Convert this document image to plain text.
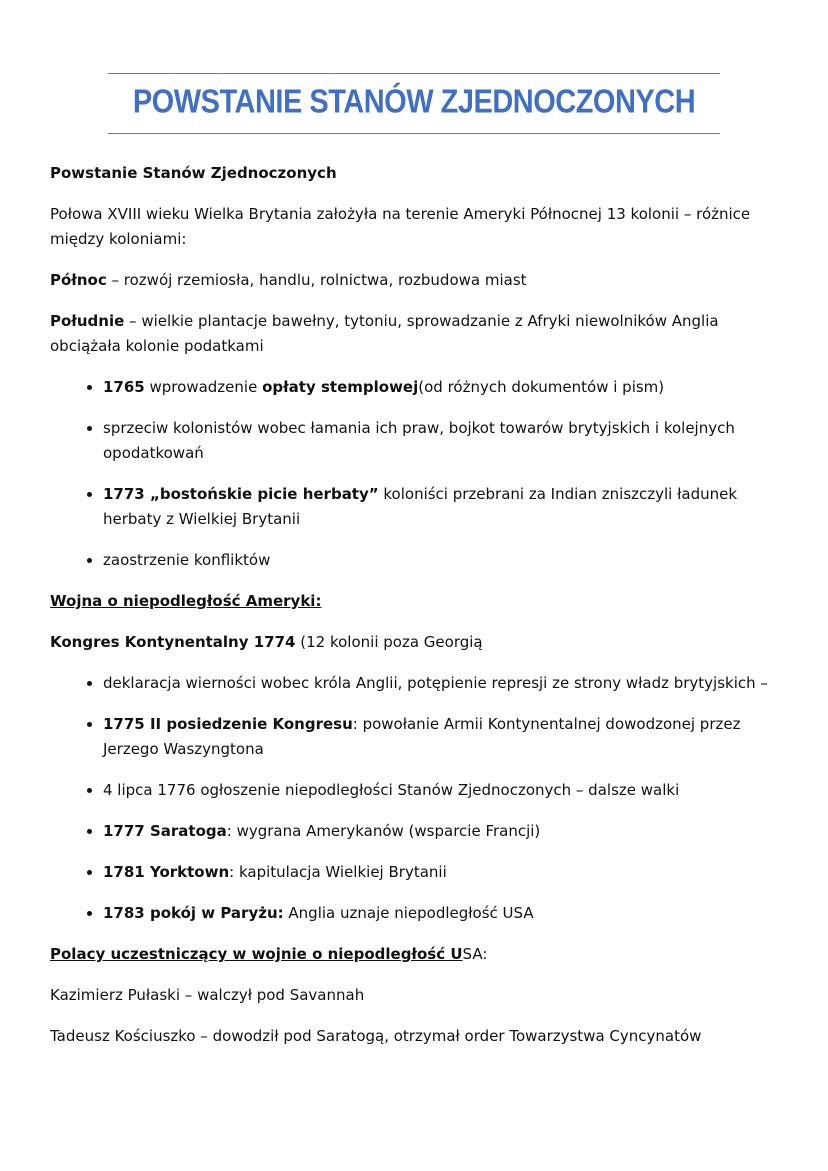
POWSTANIE STANÓW ZJEDNOCZONYCH

Powstanie Stanów Zjednoczonych

Połowa XVIII wieku Wielka Brytania założyła na terenie Ameryki Północnej 13 kolonii – różnice między koloniami:

Północ – rozwój rzemiosła, handlu, rolnictwa, rozbudowa miast

Południe – wielkie plantacje bawełny, tytoniu, sprowadzanie z Afryki niewolników Anglia obciążała kolonie podatkami

• 1765 wprowadzenie opłaty stemplowej(od różnych dokumentów i pism)
• sprzeciw kolonistów wobec łamania ich praw, bojkot towarów brytyjskich i kolejnych opodatkowań
• 1773 „bostońskie picie herbaty” koloniści przebrani za Indian zniszczyli ładunek herbaty z Wielkiej Brytanii
• zaostrzenie konfliktów

Wojna o niepodległość Ameryki:

Kongres Kontynentalny 1774 (12 kolonii poza Georgią

• deklaracja wierności wobec króla Anglii, potępienie represji ze strony władz brytyjskich –
• 1775 II posiedzenie Kongresu: powołanie Armii Kontynentalnej dowodzonej przez Jerzego Waszyngtona
• 4 lipca 1776 ogłoszenie niepodległości Stanów Zjednoczonych – dalsze walki
• 1777 Saratoga: wygrana Amerykanów (wsparcie Francji)
• 1781 Yorktown: kapitulacja Wielkiej Brytanii
• 1783 pokój w Paryżu: Anglia uznaje niepodległość USA

Polacy uczestniczący w wojnie o niepodległość USA:

Kazimierz Pułaski – walczył pod Savannah

Tadeusz Kościuszko – dowodził pod Saratogą, otrzymał order Towarzystwa Cyncynatów
